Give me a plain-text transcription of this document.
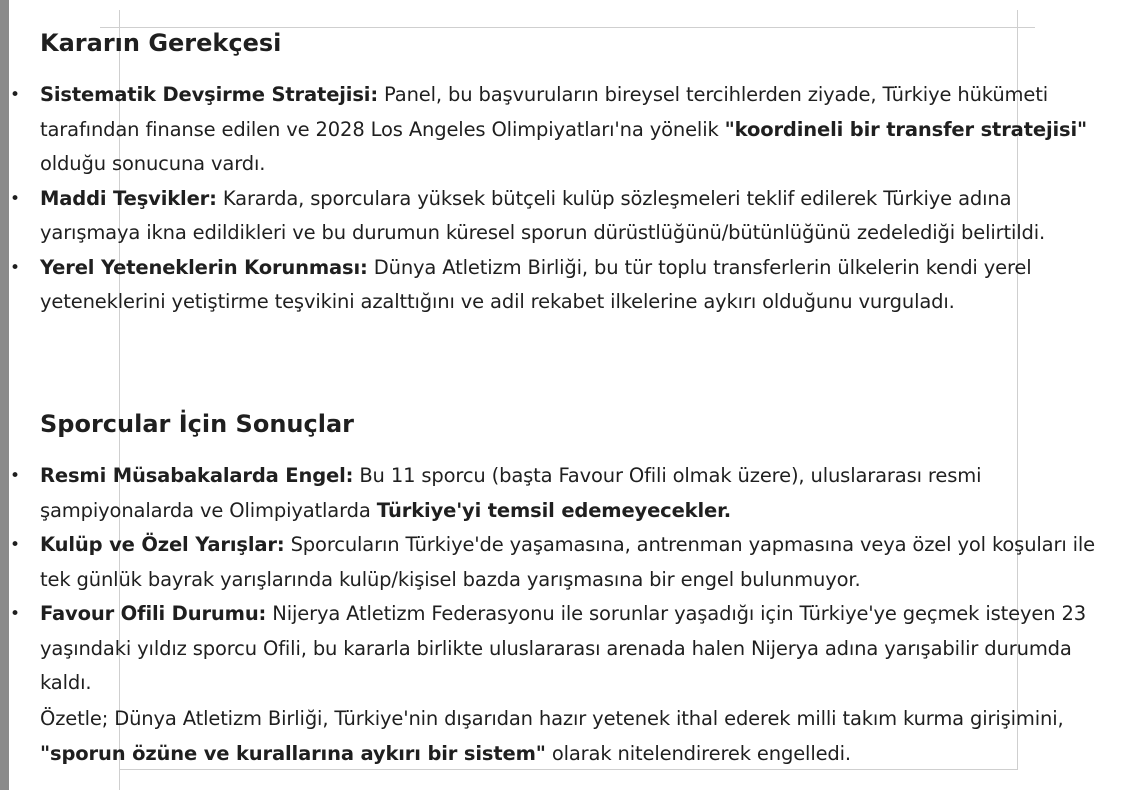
Kararın Gerekçesi
• Sistematik Devşirme Stratejisi: Panel, bu başvuruların bireysel tercihlerden ziyade, Türkiye hükümeti tarafından finanse edilen ve 2028 Los Angeles Olimpiyatları'na yönelik "koordineli bir transfer stratejisi" olduğu sonucuna vardı.
• Maddi Teşvikler: Kararda, sporculara yüksek bütçeli kulüp sözleşmeleri teklif edilerek Türkiye adına yarışmaya ikna edildikleri ve bu durumun küresel sporun dürüstlüğünü/bütünlüğünü zedelediği belirtildi.
• Yerel Yeteneklerin Korunması: Dünya Atletizm Birliği, bu tür toplu transferlerin ülkelerin kendi yerel yeteneklerini yetiştirme teşvikini azalttığını ve adil rekabet ilkelerine aykırı olduğunu vurguladı.
Sporcular İçin Sonuçlar
• Resmi Müsabakalarda Engel: Bu 11 sporcu (başta Favour Ofili olmak üzere), uluslararası resmi şampiyonalarda ve Olimpiyatlarda Türkiye'yi temsil edemeyecekler.
• Kulüp ve Özel Yarışlar: Sporcuların Türkiye'de yaşamasına, antrenman yapmasına veya özel yol koşuları ile tek günlük bayrak yarışlarında kulüp/kişisel bazda yarışmasına bir engel bulunmuyor.
• Favour Ofili Durumu: Nijerya Atletizm Federasyonu ile sorunlar yaşadığı için Türkiye'ye geçmek isteyen 23 yaşındaki yıldız sporcu Ofili, bu kararla birlikte uluslararası arenada halen Nijerya adına yarışabilir durumda kaldı.

Özetle; Dünya Atletizm Birliği, Türkiye'nin dışarıdan hazır yetenek ithal ederek milli takım kurma girişimini, "sporun özüne ve kurallarına aykırı bir sistem" olarak nitelendirerek engelledi.
